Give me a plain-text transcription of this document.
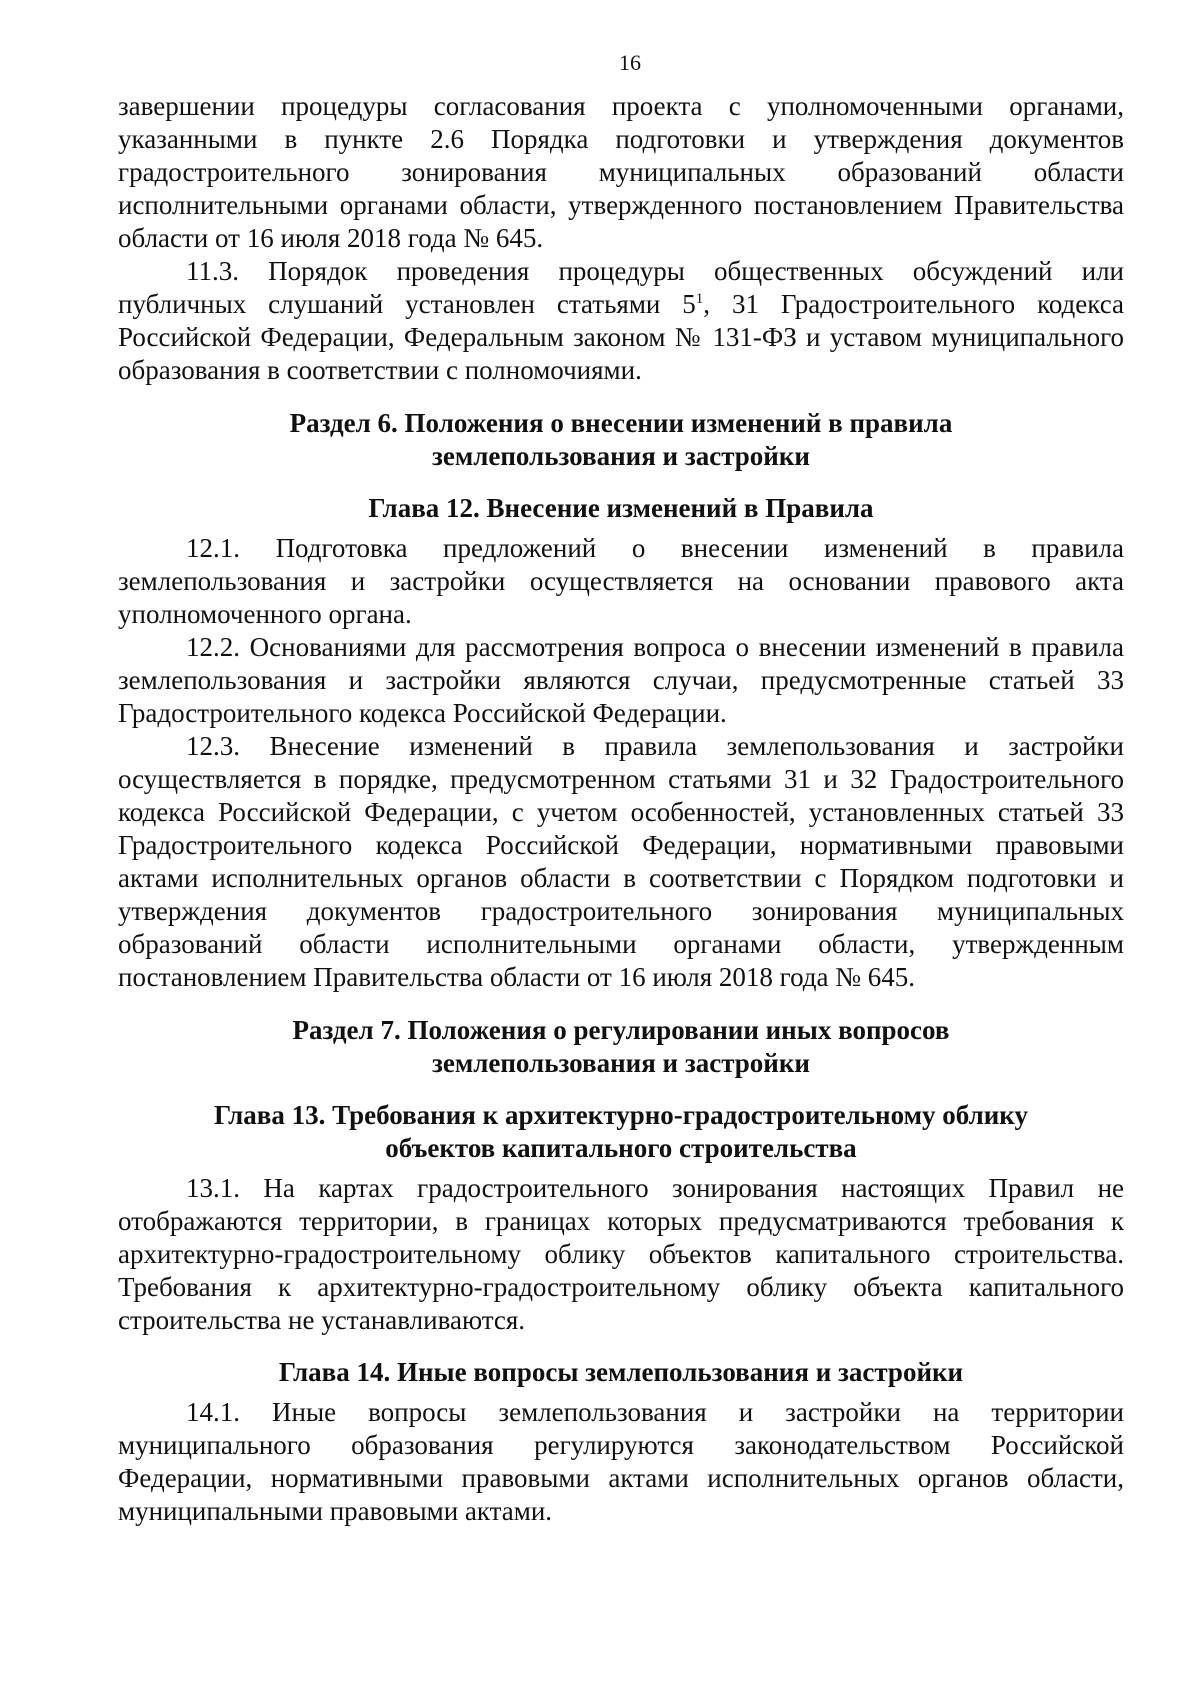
16

завершении процедуры согласования проекта с уполномоченными органами, указанными в пункте 2.6 Порядка подготовки и утверждения документов градостроительного зонирования муниципальных образований области исполнительными органами области, утвержденного постановлением Правительства области от 16 июля 2018 года № 645.

11.3. Порядок проведения процедуры общественных обсуждений или публичных слушаний установлен статьями $5^1$, 31 Градостроительного кодекса Российской Федерации, Федеральным законом № 131-ФЗ и уставом муниципального образования в соответствии с полномочиями.

Раздел 6. Положения о внесении изменений в правила
землепользования и застройки
Глава 12. Внесение изменений в Правила

12.1. Подготовка предложений о внесении изменений в правила землепользования и застройки осуществляется на основании правового акта уполномоченного органа.

12.2. Основаниями для рассмотрения вопроса о внесении изменений в правила землепользования и застройки являются случаи, предусмотренные статьей 33 Градостроительного кодекса Российской Федерации.

12.3. Внесение изменений в правила землепользования и застройки осуществляется в порядке, предусмотренном статьями 31 и 32 Градостроительного кодекса Российской Федерации, с учетом особенностей, установленных статьей 33 Градостроительного кодекса Российской Федерации, нормативными правовыми актами исполнительных органов области в соответствии с Порядком подготовки и утверждения документов градостроительного зонирования муниципальных образований области исполнительными органами области, утвержденным постановлением Правительства области от 16 июля 2018 года № 645.

Раздел 7. Положения о регулировании иных вопросов
землепользования и застройки
Глава 13. Требования к архитектурно-градостроительному облику
объектов капитального строительства

13.1. На картах градостроительного зонирования настоящих Правил не отображаются территории, в границах которых предусматриваются требования к архитектурно-градостроительному облику объектов капитального строительства. Требования к архитектурно-градостроительному облику объекта капитального строительства не устанавливаются.

Глава 14. Иные вопросы землепользования и застройки

14.1. Иные вопросы землепользования и застройки на территории муниципального образования регулируются законодательством Российской Федерации, нормативными правовыми актами исполнительных органов области, муниципальными правовыми актами.
